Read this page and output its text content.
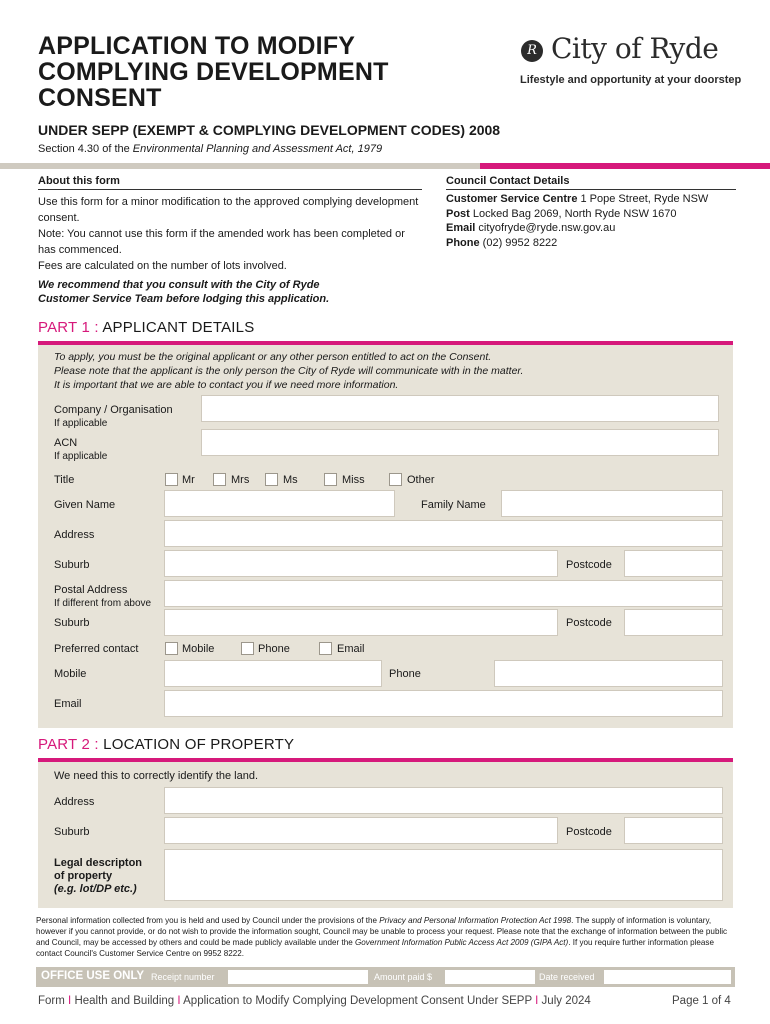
APPLICATION TO MODIFY
COMPLYING DEVELOPMENT
CONSENT
R City of Ryde
Lifestyle and opportunity at your doorstep
UNDER SEPP (EXEMPT & COMPLYING DEVELOPMENT CODES) 2008
Section 4.30 of the Environmental Planning and Assessment Act, 1979
About this form

Use this form for a minor modification to the approved complying development consent.

Note: You cannot use this form if the amended work has been completed or has commenced.

Fees are calculated on the number of lots involved.

We recommend that you consult with the City of Ryde Customer Service Team before lodging this application.
Council Contact Details
Customer Service Centre 1 Pope Street, Ryde NSW
Post Locked Bag 2069, North Ryde NSW 1670
Email cityofryde@ryde.nsw.gov.au
Phone (02) 9952 8222
PART 1 : APPLICANT DETAILS
To apply, you must be the original applicant or any other person entitled to act on the Consent.
Please note that the applicant is the only person the City of Ryde will communicate with in the matter.
It is important that we are able to contact you if we need more information.
Company / Organisation
If applicable
ACN
If applicable
Title	Mr	Mrs	Ms	Miss	Other
Given Name	Family Name
Address
Suburb	Postcode
Postal Address
If different from above
Suburb	Postcode
Preferred contact	Mobile	Phone	Email
Mobile	Phone
Email
PART 2 : LOCATION OF PROPERTY
We need this to correctly identify the land.
Address
Suburb	Postcode
Legal descripton
of property
(e.g. lot/DP etc.)
Personal information collected from you is held and used by Council under the provisions of the Privacy and Personal Information Protection Act 1998. The supply of information is voluntary, however if you cannot provide, or do not wish to provide the information sought, Council may be unable to process your request. Please note that the exchange of information between the public and Council, may be accessed by others and could be made publicly available under the Government Information Public Access Act 2009 (GIPA Act). If you require further information please contact Council's Customer Service Centre on 9952 8222.
OFFICE USE ONLY Receipt number	Amount paid $	Date received
Form I Health and Building I Application to Modify Complying Development Consent Under SEPP I July 2024	Page 1 of 4
